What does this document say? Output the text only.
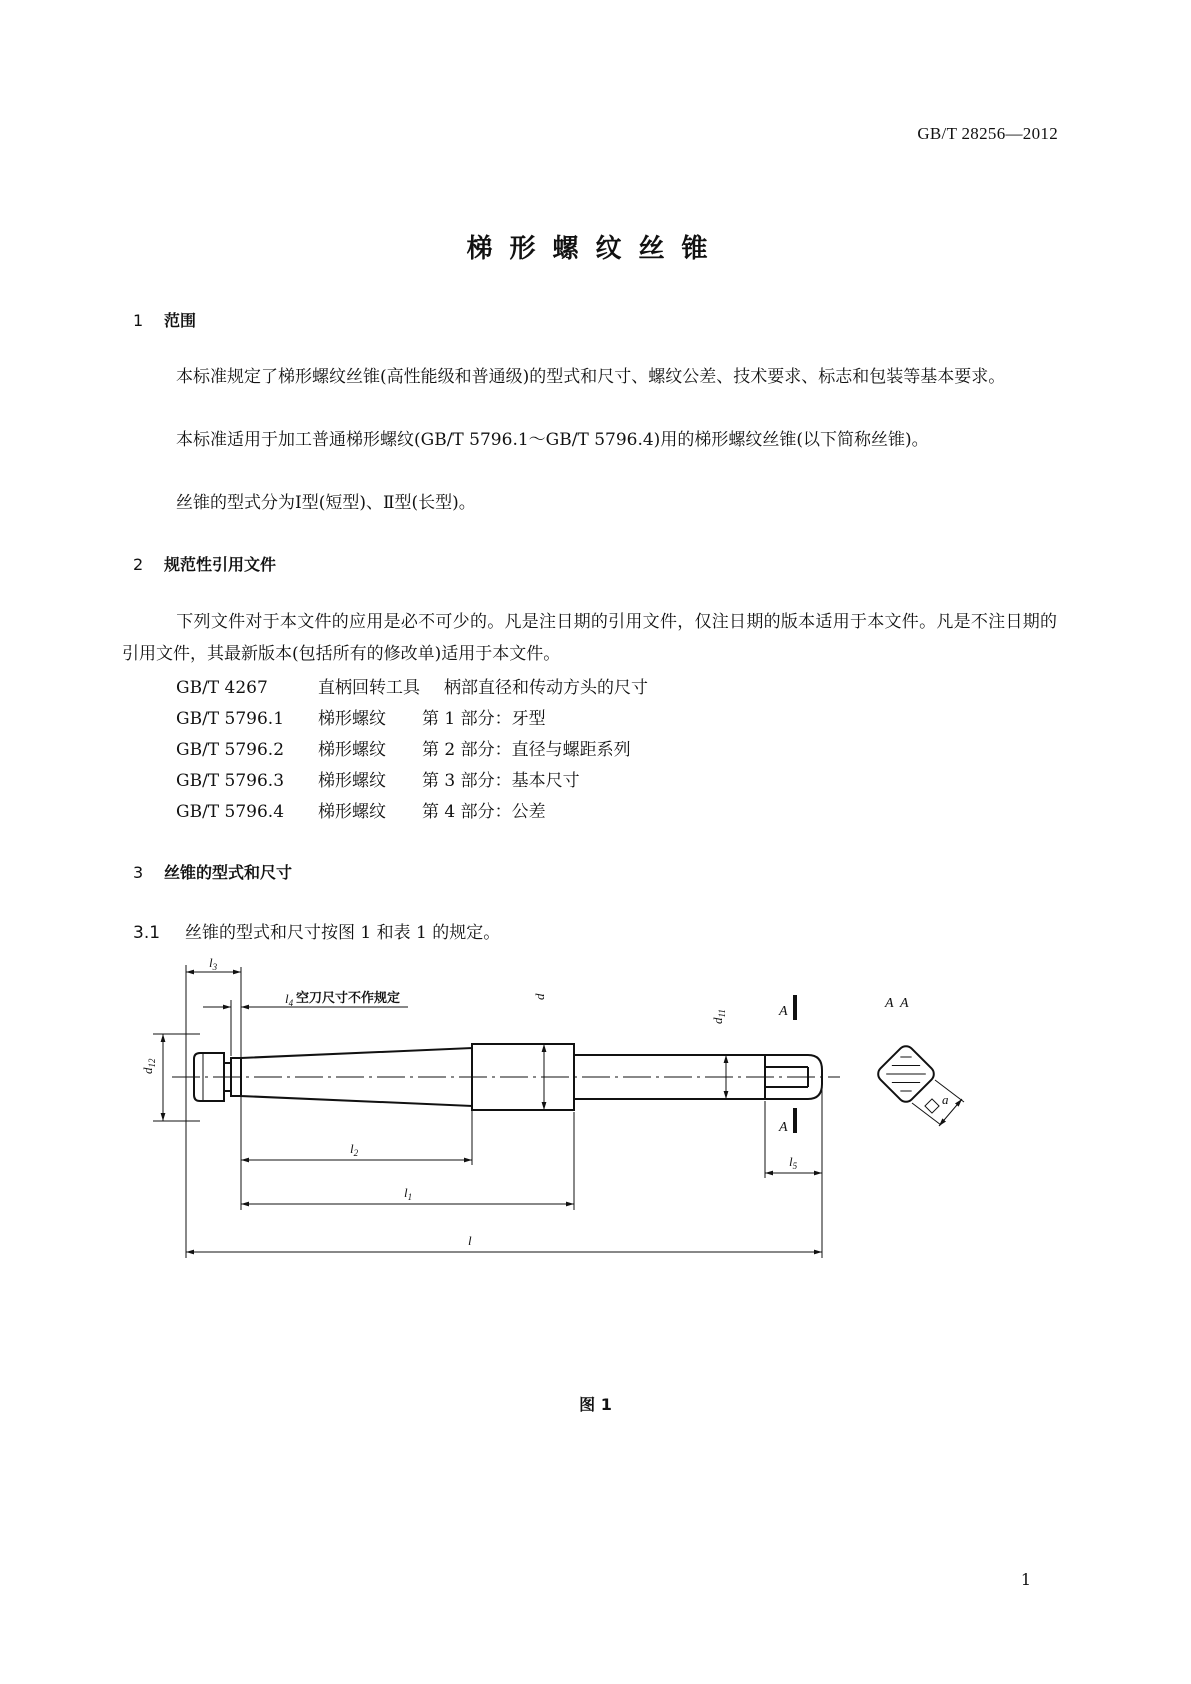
GB/T 28256—2012
梯形螺纹丝锥
1 范围
本标准规定了梯形螺纹丝锥(高性能级和普通级)的型式和尺寸、螺纹公差、技术要求、标志和包装等基本要求。
本标准适用于加工普通梯形螺纹(GB/T 5796.1～GB/T 5796.4)用的梯形螺纹丝锥(以下简称丝锥)。
丝锥的型式分为Ⅰ型(短型)、Ⅱ型(长型)。
2 规范性引用文件
下列文件对于本文件的应用是必不可少的。凡是注日期的引用文件，仅注日期的版本适用于本文件。凡是不注日期的引用文件，其最新版本(包括所有的修改单)适用于本文件。
GB/T 4267	直柄回转工具 柄部直径和传动方头的尺寸
GB/T 5796.1 梯形螺纹 第 1 部分：牙型
GB/T 5796.2 梯形螺纹 第 2 部分：直径与螺距系列
GB/T 5796.3 梯形螺纹 第 3 部分：基本尺寸
GB/T 5796.4 梯形螺纹 第 4 部分：公差
3 丝锥的型式和尺寸
3.1 丝锥的型式和尺寸按图 1 和表 1 的规定。
A
A
A  A
a
$l_3$
$l_4$ 空刀尺寸不作规定
$d_{12}$
d
$d_{11}$
$l_2$
$l_5$
$l_1$
l
图 1
1
